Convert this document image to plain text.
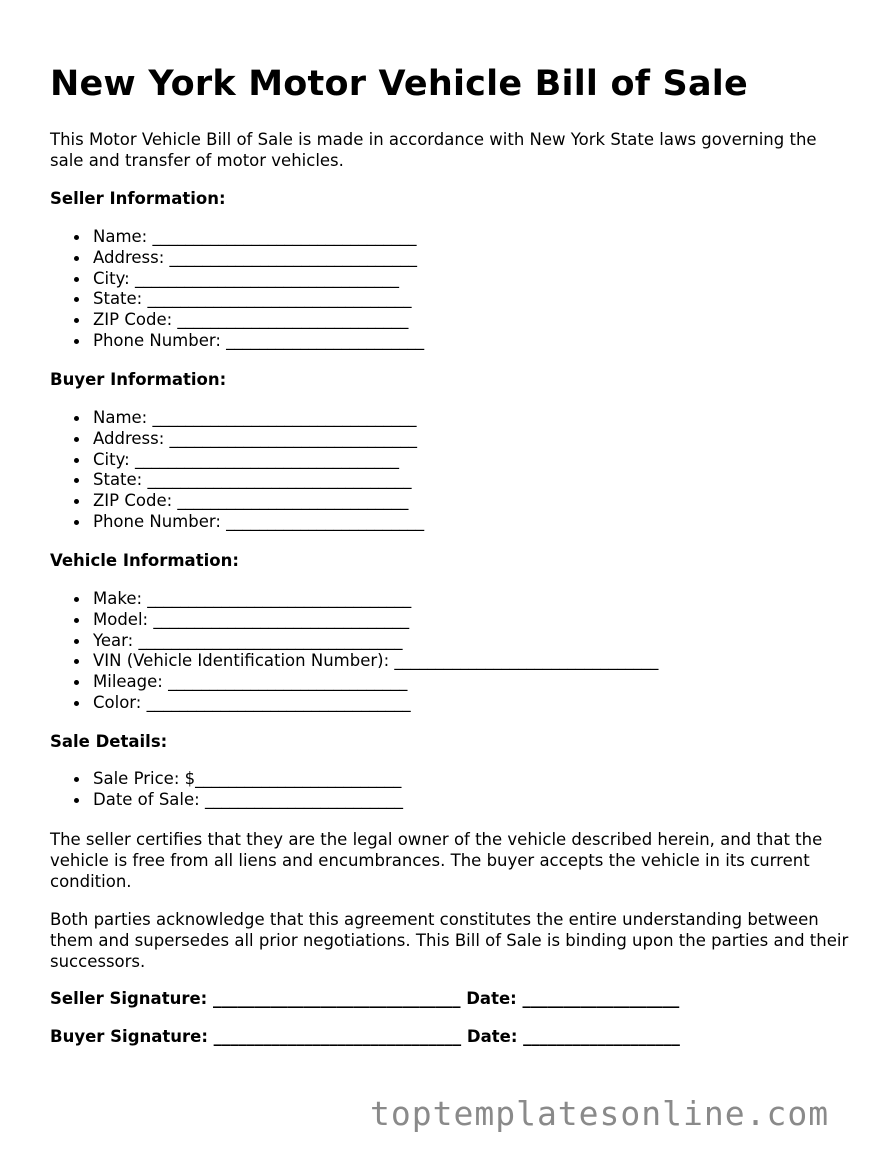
New York Motor Vehicle Bill of Sale

This Motor Vehicle Bill of Sale is made in accordance with New York State laws governing the sale and transfer of motor vehicles.

Seller Information:

Name: ________________________________
Address: ______________________________
City: ________________________________
State: ________________________________
ZIP Code: ____________________________
Phone Number: ________________________

Buyer Information:

Name: ________________________________
Address: ______________________________
City: ________________________________
State: ________________________________
ZIP Code: ____________________________
Phone Number: ________________________

Vehicle Information:

Make: ________________________________
Model: _______________________________
Year: ________________________________
VIN (Vehicle Identification Number): ________________________________
Mileage: _____________________________
Color: ________________________________

Sale Details:

Sale Price: $_________________________
Date of Sale: ________________________

The seller certifies that they are the legal owner of the vehicle described herein, and that the vehicle is free from all liens and encumbrances. The buyer accepts the vehicle in its current condition.

Both parties acknowledge that this agreement constitutes the entire understanding between them and supersedes all prior negotiations. This Bill of Sale is binding upon the parties and their successors.

Seller Signature: ______________________________ Date: ___________________

Buyer Signature: ______________________________ Date: ___________________

toptemplatesonline.com
